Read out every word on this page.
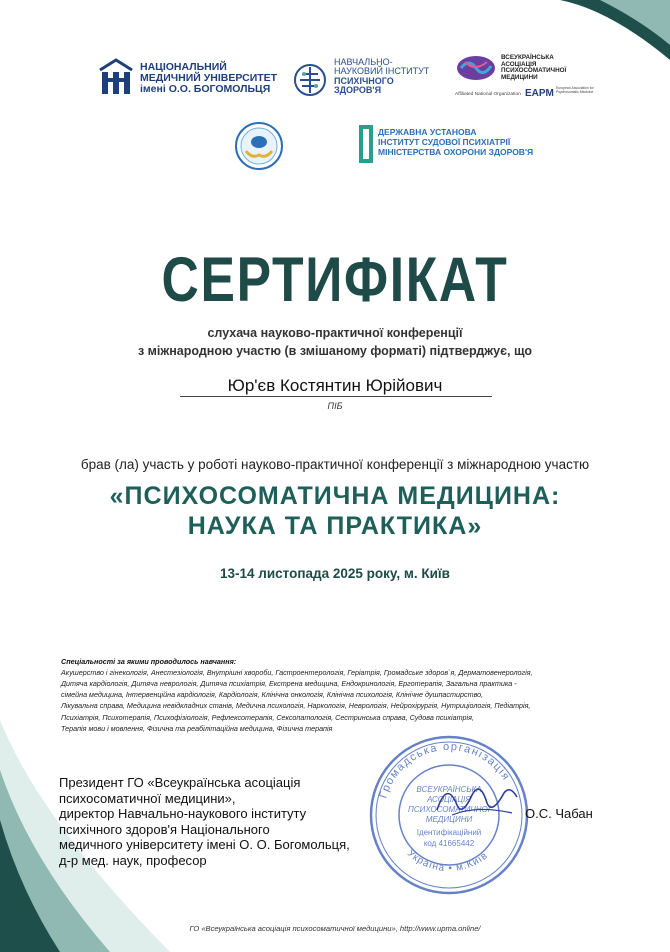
НАЦІОНАЛЬНИЙ
МЕДИЧНИЙ УНІВЕРСИТЕТ
імені О.О. БОГОМОЛЬЦЯ
НАВЧАЛЬНО-
НАУКОВИЙ ІНСТИТУТ
ПСИХІЧНОГО
ЗДОРОВ'Я
ВСЕУКРАЇНСЬКА
АСОЦІАЦІЯ
ПСИХОСОМАТИЧНОЇ
МЕДИЦИНИ
Affiliated National Organization EAPM European Association for Psychosomatic Medicine
ДЕРЖАВНА УСТАНОВА
ІНСТИТУТ СУДОВОЇ ПСИХІАТРІЇ
МІНІСТЕРСТВА ОХОРОНИ ЗДОРОВ'Я
СЕРТИФІКАТ
слухача науково-практичної конференції
з міжнародною участю (в змішаному форматі) підтверджує, що
Юр'єв Костянтин Юрійович
ПІБ
брав (ла) участь у роботі науково-практичної конференції з міжнародною участю
«ПСИХОСОМАТИЧНА МЕДИЦИНА:
НАУКА ТА ПРАКТИКА»
13-14 листопада 2025 року, м. Київ
Спеціальності за якими проводилось навчання:
Акушерство і гінекологія, Анестезіологія, Внутрішні хвороби, Гастроентерологія, Геріатрія, Громадське здоров`я, Дерматовенерологія,
Дитяча кардіологія, Дитяча неврологія, Дитяча психіатрія, Екстрена медицина, Ендокринологія, Ерготерапія, Загальна практика -
сімейна медицина, Інтервенційна кардіологія, Кардіологія, Клінічна онкологія, Клінічна психологія, Клінічне душпастирство,
Лікувальна справа, Медицина невідкладних станів, Медична психологія, Наркологія, Неврологія, Нейрохірургія, Нутриціологія, Педіатрія,
Психіатрія, Психотерапія, Психофізіологія, Рефлексотерапія, Сексопатологія, Сестринська справа, Судова психіатрія,
Терапія мови і мовлення, Фізична та реабілітаційна медицина, Фізична терапія
Президент ГО «Всеукраїнська асоціація
психосоматичної медицини»,
директор Навчально-наукового інституту
психічного здоров'я Національного
медичного університету імені О. О. Богомольця,
д-р мед. наук, професор
Громадська організація
Україна • м.Київ
ВСЕУКРАЇНСЬКА
АСОЦІАЦІЯ
ПСИХОСОМАТИЧНОЇ
МЕДИЦИНИ
Ідентифікаційний
код 41665442
О.С. Чабан
ГО «Всеукраїнська асоціація психосоматичної медицини», http://www.upma.online/
